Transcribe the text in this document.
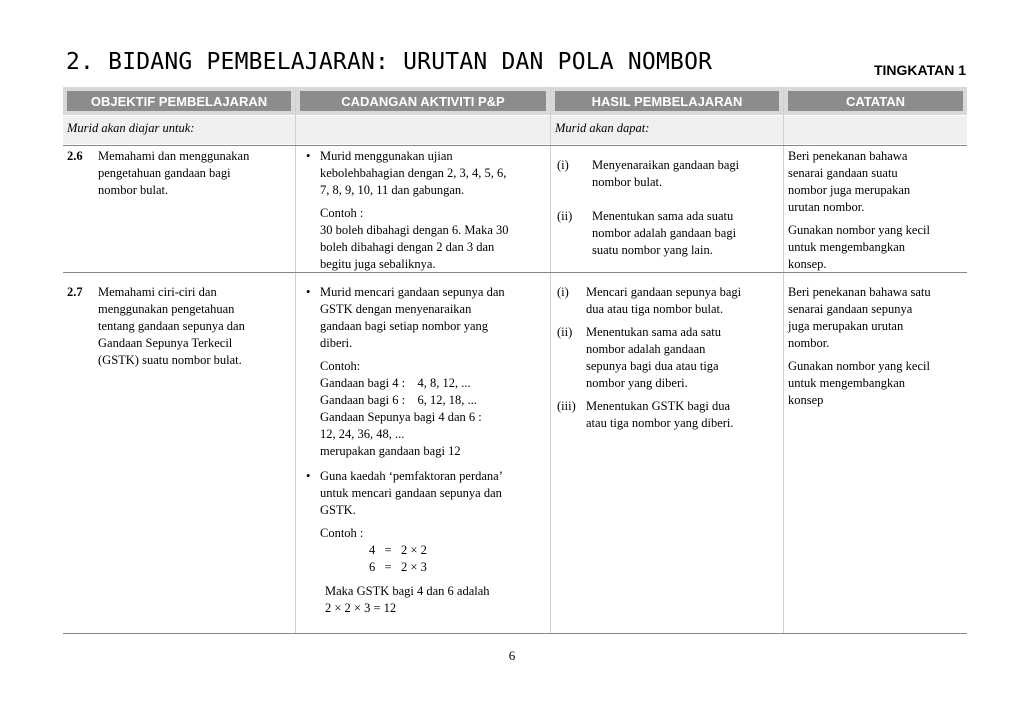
2. BIDANG PEMBELAJARAN: URUTAN DAN POLA NOMBOR	TINGKATAN 1
OBJEKTIF PEMBELAJARAN
Murid akan diajar untuk:
CADANGAN AKTIVITI P&P	HASIL PEMBELAJARAN
Murid akan dapat:
CATATAN
2.6 Memahami dan menggunakan
pengetahuan gandaan bagi
nombor bulat.
• Murid menggunakan ujian
kebolehbahagian dengan 2, 3, 4, 5, 6,
7, 8, 9, 10, 11 dan gabungan.
Contoh :
30 boleh dibahagi dengan 6. Maka 30
boleh dibahagi dengan 2 dan 3 dan
begitu juga sebaliknya.
(i) Menyenaraikan gandaan bagi
nombor bulat.
(ii) Menentukan sama ada suatu
nombor adalah gandaan bagi
suatu nombor yang lain.
Beri penekanan bahawa
senarai gandaan suatu
nombor juga merupakan
urutan nombor.
Gunakan nombor yang kecil
untuk mengembangkan
konsep.
2.7 Memahami ciri-ciri dan
menggunakan pengetahuan
tentang gandaan sepunya dan
Gandaan Sepunya Terkecil
(GSTK) suatu nombor bulat.
• Murid mencari gandaan sepunya dan
GSTK dengan menyenaraikan
gandaan bagi setiap nombor yang
diberi.
Contoh:
Gandaan bagi 4 :    4, 8, 12, ...
Gandaan bagi 6 :    6, 12, 18, ...
Gandaan Sepunya bagi 4 dan 6 :
12, 24, 36, 48, ...
merupakan gandaan bagi 12
• Guna kaedah ‘pemfaktoran perdana’
untuk mencari gandaan sepunya dan
GSTK.
Contoh :
4   =   2 × 2
6   =   2 × 3
Maka GSTK bagi 4 dan 6 adalah
2 × 2 × 3 = 12
(i) Mencari gandaan sepunya bagi
dua atau tiga nombor bulat.
(ii) Menentukan sama ada satu
nombor adalah gandaan
sepunya bagi dua atau tiga
nombor yang diberi.
(iii) Menentukan GSTK bagi dua
atau tiga nombor yang diberi.
Beri penekanan bahawa satu
senarai gandaan sepunya
juga merupakan urutan
nombor.
Gunakan nombor yang kecil
untuk mengembangkan
konsep
6
